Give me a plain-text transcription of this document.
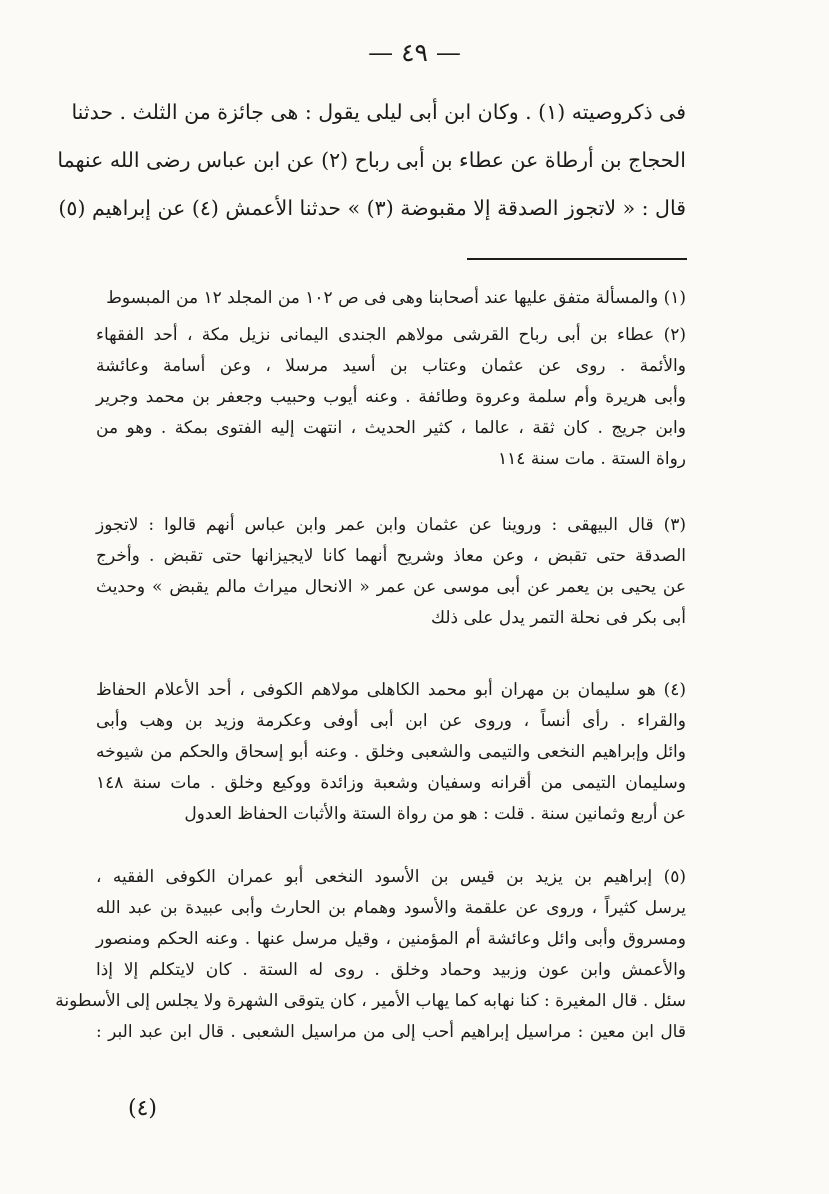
— ٤٩ —
فى ذكروصيته (١) . وكان ابن أبى ليلى يقول : هى جائزة من الثلث . حدثنا
الحجاج بن أرطاة عن عطاء بن أبى رباح (٢) عن ابن عباس رضى الله عنهما
قال : « لاتجوز الصدقة إلا مقبوضة (٣) » حدثنا الأعمش (٤) عن إبراهيم (٥)
(١) والمسألة متفق عليها عند أصحابنا وهى فى ص ١٠٢ من المجلد ١٢ من المبسوط
(٢) عطاء بن أبى رباح القرشى مولاهم الجندى اليمانى نزيل مكة ، أحد الفقهاء
والأئمة . روى عن عثمان وعتاب بن أسيد مرسلا ، وعن أسامة وعائشة
وأبى هريرة وأم سلمة وعروة وطائفة . وعنه أيوب وحبيب وجعفر بن محمد وجرير
وابن جريج . كان ثقة ، عالما ، كثير الحديث ، انتهت إليه الفتوى بمكة . وهو من
رواة الستة . مات سنة ١١٤
(٣) قال البيهقى : وروينا عن عثمان وابن عمر وابن عباس أنهم قالوا : لاتجوز
الصدقة حتى تقبض ، وعن معاذ وشريح أنهما كانا لايجيزانها حتى تقبض . وأخرج
عن يحيى بن يعمر عن أبى موسى عن عمر « الانحال ميراث مالم يقبض » وحديث
أبى بكر فى نحلة التمر يدل على ذلك
(٤) هو سليمان بن مهران أبو محمد الكاهلى مولاهم الكوفى ، أحد الأعلام الحفاظ
والقراء . رأى أنساً ، وروى عن ابن أبى أوفى وعكرمة وزيد بن وهب وأبى
وائل وإبراهيم النخعى والتيمى والشعبى وخلق . وعنه أبو إسحاق والحكم من شيوخه
وسليمان التيمى من أقرانه وسفيان وشعبة وزائدة ووكيع وخلق . مات سنة ١٤٨
عن أربع وثمانين سنة . قلت : هو من رواة الستة والأثبات الحفاظ العدول
(٥) إبراهيم بن يزيد بن قيس بن الأسود النخعى أبو عمران الكوفى الفقيه ،
يرسل كثيراً ، وروى عن علقمة والأسود وهمام بن الحارث وأبى عبيدة بن عبد الله
ومسروق وأبى وائل وعائشة أم المؤمنين ، وقيل مرسل عنها . وعنه الحكم ومنصور
والأعمش وابن عون وزبيد وحماد وخلق . روى له الستة . كان لايتكلم إلا إذا
سئل . قال المغيرة : كنا نهابه كما يهاب الأمير ، كان يتوقى الشهرة ولا يجلس إلى الأسطونة
قال ابن معين : مراسيل إبراهيم أحب إلى من مراسيل الشعبى . قال ابن عبد البر :
(٤)
